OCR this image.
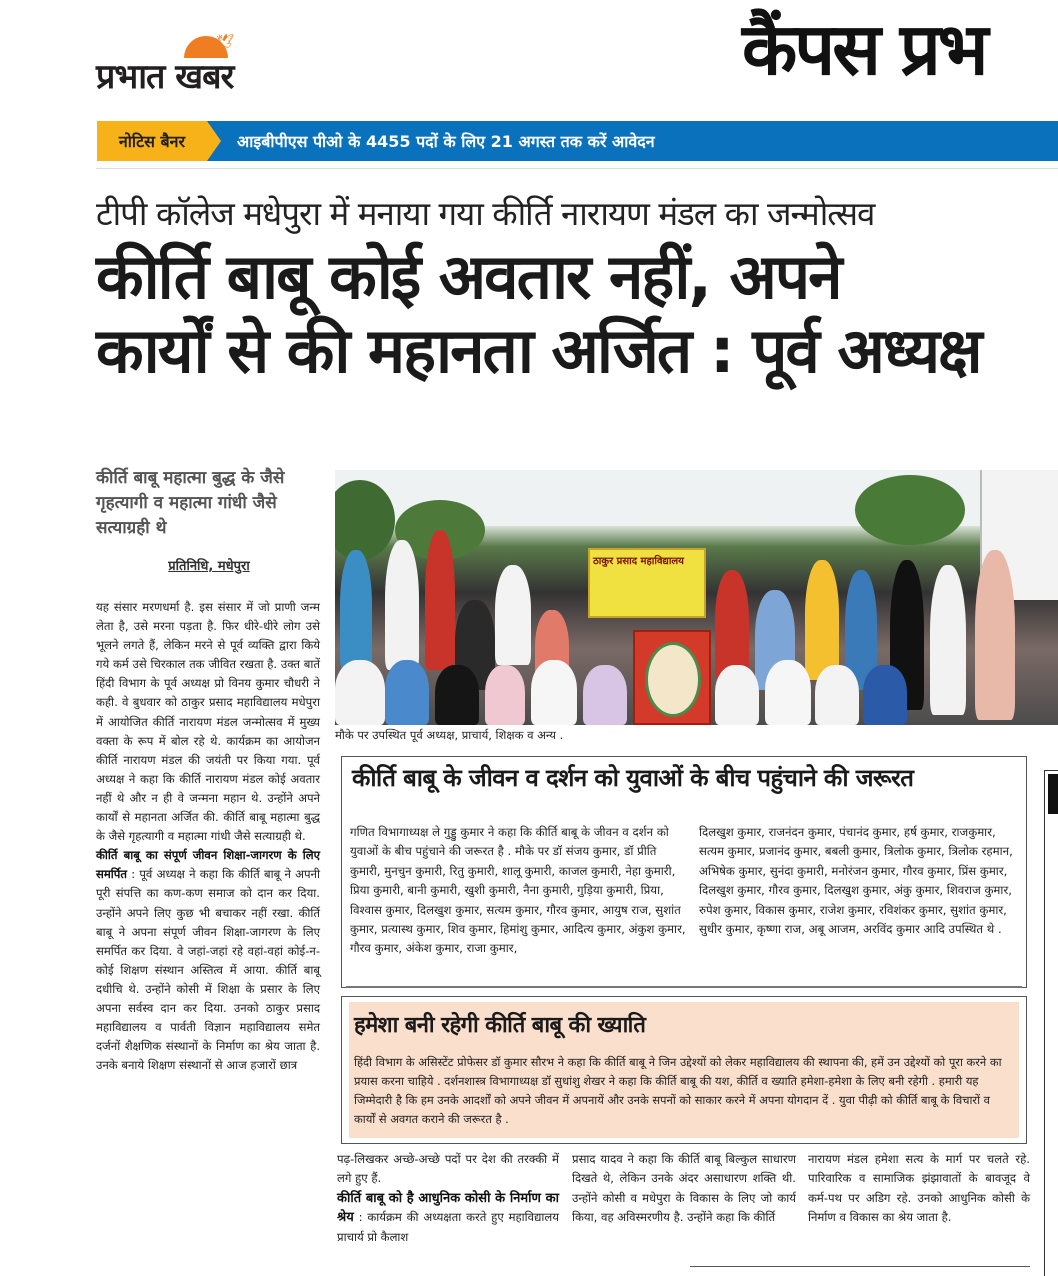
🕊
प्रभात खबर	कैंपस प्रभ
नोटिस बैनर	आइबीपीएस पीओ के 4455 पदों के लिए 21 अगस्त तक करें आवेदन
टीपी कॉलेज मधेपुरा में मनाया गया कीर्ति नारायण मंडल का जन्मोत्सव
कीर्ति बाबू कोई अवतार नहीं, अपने
कार्यों से की महानता अर्जित : पूर्व अध्यक्ष
कीर्ति बाबू महात्मा बुद्ध के जैसे गृहत्यागी व महात्मा गांधी जैसे सत्याग्रही थे
प्रतिनिधि, मधेपुरा
यह संसार मरणधर्मा है. इस संसार में जो प्राणी जन्म लेता है, उसे मरना पड़ता है. फिर धीरे-धीरे लोग उसे भूलने लगते हैं, लेकिन मरने से पूर्व व्यक्ति द्वारा किये गये कर्म उसे चिरकाल तक जीवित रखता है. उक्त बातें हिंदी विभाग के पूर्व अध्यक्ष प्रो विनय कुमार चौधरी ने कही. वे बुधवार को ठाकुर प्रसाद महाविद्यालय मधेपुरा में आयोजित कीर्ति नारायण मंडल जन्मोत्सव में मुख्य वक्ता के रूप में बोल रहे थे. कार्यक्रम का आयोजन कीर्ति नारायण मंडल की जयंती पर किया गया. पूर्व अध्यक्ष ने कहा कि कीर्ति नारायण मंडल कोई अवतार नहीं थे और न ही वे जन्मना महान थे. उन्होंने अपने कार्यों से महानता अर्जित की. कीर्ति बाबू महात्मा बुद्ध के जैसे गृहत्यागी व महात्मा गांधी जैसे सत्याग्रही थे.
कीर्ति बाबू का संपूर्ण जीवन शिक्षा-जागरण के लिए समर्पित : पूर्व अध्यक्ष ने कहा कि कीर्ति बाबू ने अपनी पूरी संपत्ति का कण-कण समाज को दान कर दिया. उन्होंने अपने लिए कुछ भी बचाकर नहीं रखा. कीर्ति बाबू ने अपना संपूर्ण जीवन शिक्षा-जागरण के लिए समर्पित कर दिया. वे जहां-जहां रहे वहां-वहां कोई-न-कोई शिक्षण संस्थान अस्तित्व में आया. कीर्ति बाबू दधीचि थे. उन्होंने कोसी में शिक्षा के प्रसार के लिए अपना सर्वस्व दान कर दिया. उनको ठाकुर प्रसाद महाविद्यालय व पार्वती विज्ञान महाविद्यालय समेत दर्जनों शैक्षणिक संस्थानों के निर्माण का श्रेय जाता है. उनके बनाये शिक्षण संस्थानों से आज हजारों छात्र
ठाकुर प्रसाद महाविद्यालय
मौके पर उपस्थित पूर्व अध्यक्ष, प्राचार्य, शिक्षक व अन्य .
कीर्ति बाबू के जीवन व दर्शन को युवाओं के बीच पहुंचाने की जरूरत
गणित विभागाध्यक्ष ले गुड्डु कुमार ने कहा कि कीर्ति बाबू के जीवन व दर्शन को युवाओं के बीच पहुंचाने की जरूरत है . मौके पर डॉ संजय कुमार, डॉ प्रीति कुमारी, मुनचुन कुमारी, रितु कुमारी, शालू कुमारी, काजल कुमारी, नेहा कुमारी, प्रिया कुमारी, बानी कुमारी, खुशी कुमारी, नैना कुमारी, गुड़िया कुमारी, प्रिया, विश्वास कुमार, दिलखुश कुमार, सत्यम कुमार, गौरव कुमार, आयुष राज, सुशांत कुमार, प्रत्यास्थ कुमार, शिव कुमार, हिमांशु कुमार, आदित्य कुमार, अंकुश कुमार, गौरव कुमार, अंकेश कुमार, राजा कुमार,
दिलखुश कुमार, राजनंदन कुमार, पंचानंद कुमार, हर्ष कुमार, राजकुमार, सत्यम कुमार, प्रजानंद कुमार, बबली कुमार, त्रिलोक कुमार, त्रिलोक रहमान, अभिषेक कुमार, सुनंदा कुमारी, मनोरंजन कुमार, गौरव कुमार, प्रिंस कुमार, दिलखुश कुमार, गौरव कुमार, दिलखुश कुमार, अंकु कुमार, शिवराज कुमार, रुपेश कुमार, विकास कुमार, राजेश कुमार, रविशंकर कुमार, सुशांत कुमार, सुधीर कुमार, कृष्णा राज, अबू आजम, अरविंद कुमार आदि उपस्थित थे .
हमेशा बनी रहेगी कीर्ति बाबू की ख्याति
हिंदी विभाग के असिस्टेंट प्रोफेसर डॉ कुमार सौरभ ने कहा कि कीर्ति बाबू ने जिन उद्देश्यों को लेकर महाविद्यालय की स्थापना की, हमें उन उद्देश्यों को पूरा करने का प्रयास करना चाहिये . दर्शनशास्त्र विभागाध्यक्ष डॉ सुधांशु शेखर ने कहा कि कीर्ति बाबू की यश, कीर्ति व ख्याति हमेशा-हमेशा के लिए बनी रहेगी . हमारी यह जिम्मेदारी है कि हम उनके आदर्शों को अपने जीवन में अपनायें और उनके सपनों को साकार करने में अपना योगदान दें . युवा पीढ़ी को कीर्ति बाबू के विचारों व कार्यों से अवगत कराने की जरूरत है .
पढ़-लिखकर अच्छे-अच्छे पदों पर देश की तरक्की में लगे हुए हैं.
कीर्ति बाबू को है आधुनिक कोसी के निर्माण का श्रेय : कार्यक्रम की अध्यक्षता करते हुए महाविद्यालय प्राचार्य प्रो कैलाश
प्रसाद यादव ने कहा कि कीर्ति बाबू बिल्कुल साधारण दिखते थे, लेकिन उनके अंदर असाधारण शक्ति थी. उन्होंने कोसी व मधेपुरा के विकास के लिए जो कार्य किया, वह अविस्मरणीय है. उन्होंने कहा कि कीर्ति
नारायण मंडल हमेशा सत्य के मार्ग पर चलते रहे. पारिवारिक व सामाजिक झंझावातों के बावजूद वे कर्म-पथ पर अडिग रहे. उनको आधुनिक कोसी के निर्माण व विकास का श्रेय जाता है.
